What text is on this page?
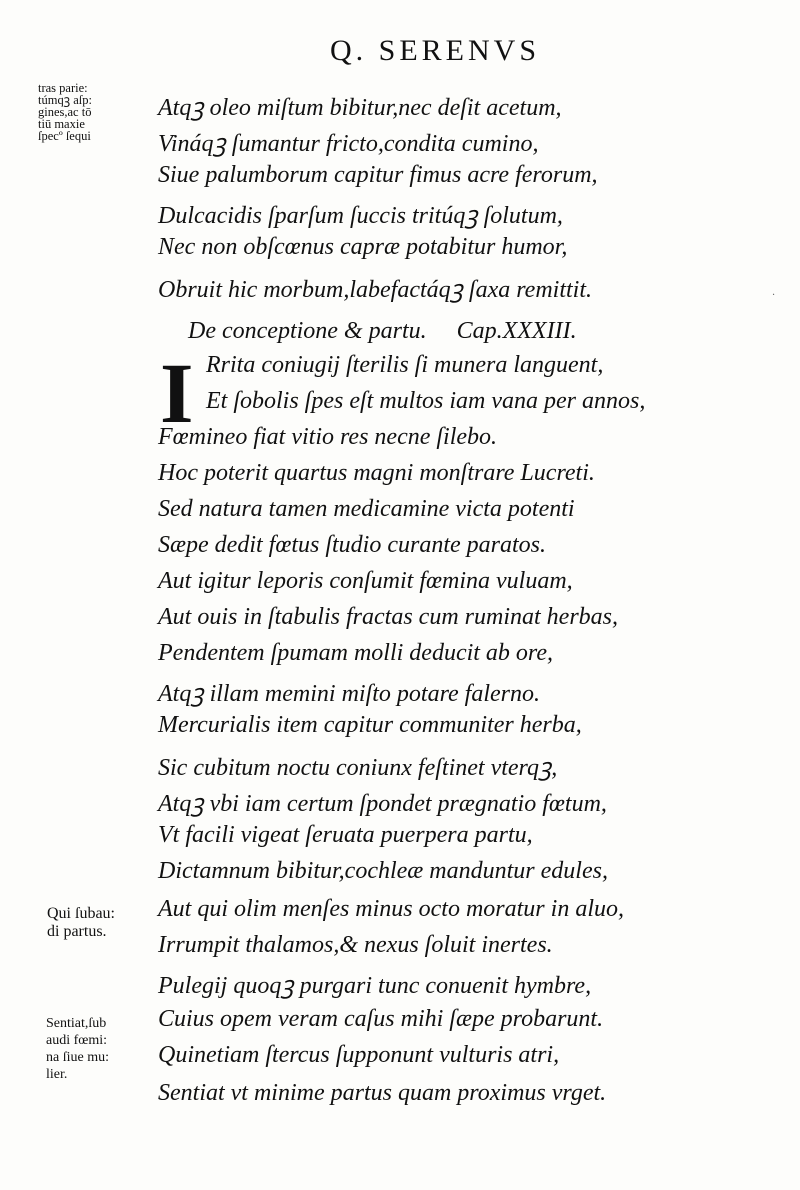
Q. SERENVS
tras parie:
túmqꝫ aſp:
gines,ac tō
tiū maxie
ſpecº ſequi
Qui ſubau:
di partus.
Sentiat,ſub
audi fœmi:
na ſiue mu:
lier.
Atqꝫ oleo miſtum bibitur,nec deſit acetum,
Vináqꝫ ſumantur fricto,condita cumino,
Siue palumborum capitur fimus acre ferorum,
Dulcacidis ſparſum ſuccis tritúqꝫ ſolutum,
Nec non obſcœnus capræ potabitur humor,
Obruit hic morbum,labefactáqꝫ ſaxa remittit.	·
De conceptione & partu.     Cap.XXXIII.
I Rrita coniugij ſterilis ſi munera languent,
Et ſobolis ſpes eſt multos iam vana per annos,
Fœmineo fiat vitio res necne ſilebo.
Hoc poterit quartus magni monſtrare Lucreti.
Sed natura tamen medicamine victa potenti
Sæpe dedit fœtus ſtudio curante paratos.
Aut igitur leporis conſumit fœmina vuluam,
Aut ouis in ſtabulis fractas cum ruminat herbas,
Pendentem ſpumam molli deducit ab ore,
Atqꝫ illam memini miſto potare falerno.
Mercurialis item capitur communiter herba,
Sic cubitum noctu coniunx feſtinet vterqꝫ,
Atqꝫ vbi iam certum ſpondet prægnatio fœtum,
Vt facili vigeat ſeruata puerpera partu,
Dictamnum bibitur,cochleæ manduntur edules,
Aut qui olim menſes minus octo moratur in aluo,
Irrumpit thalamos,& nexus ſoluit inertes.
Pulegij quoqꝫ purgari tunc conuenit hymbre,
Cuius opem veram caſus mihi ſæpe probarunt.
Quinetiam ſtercus ſupponunt vulturis atri,
Sentiat vt minime partus quam proximus vrget.
